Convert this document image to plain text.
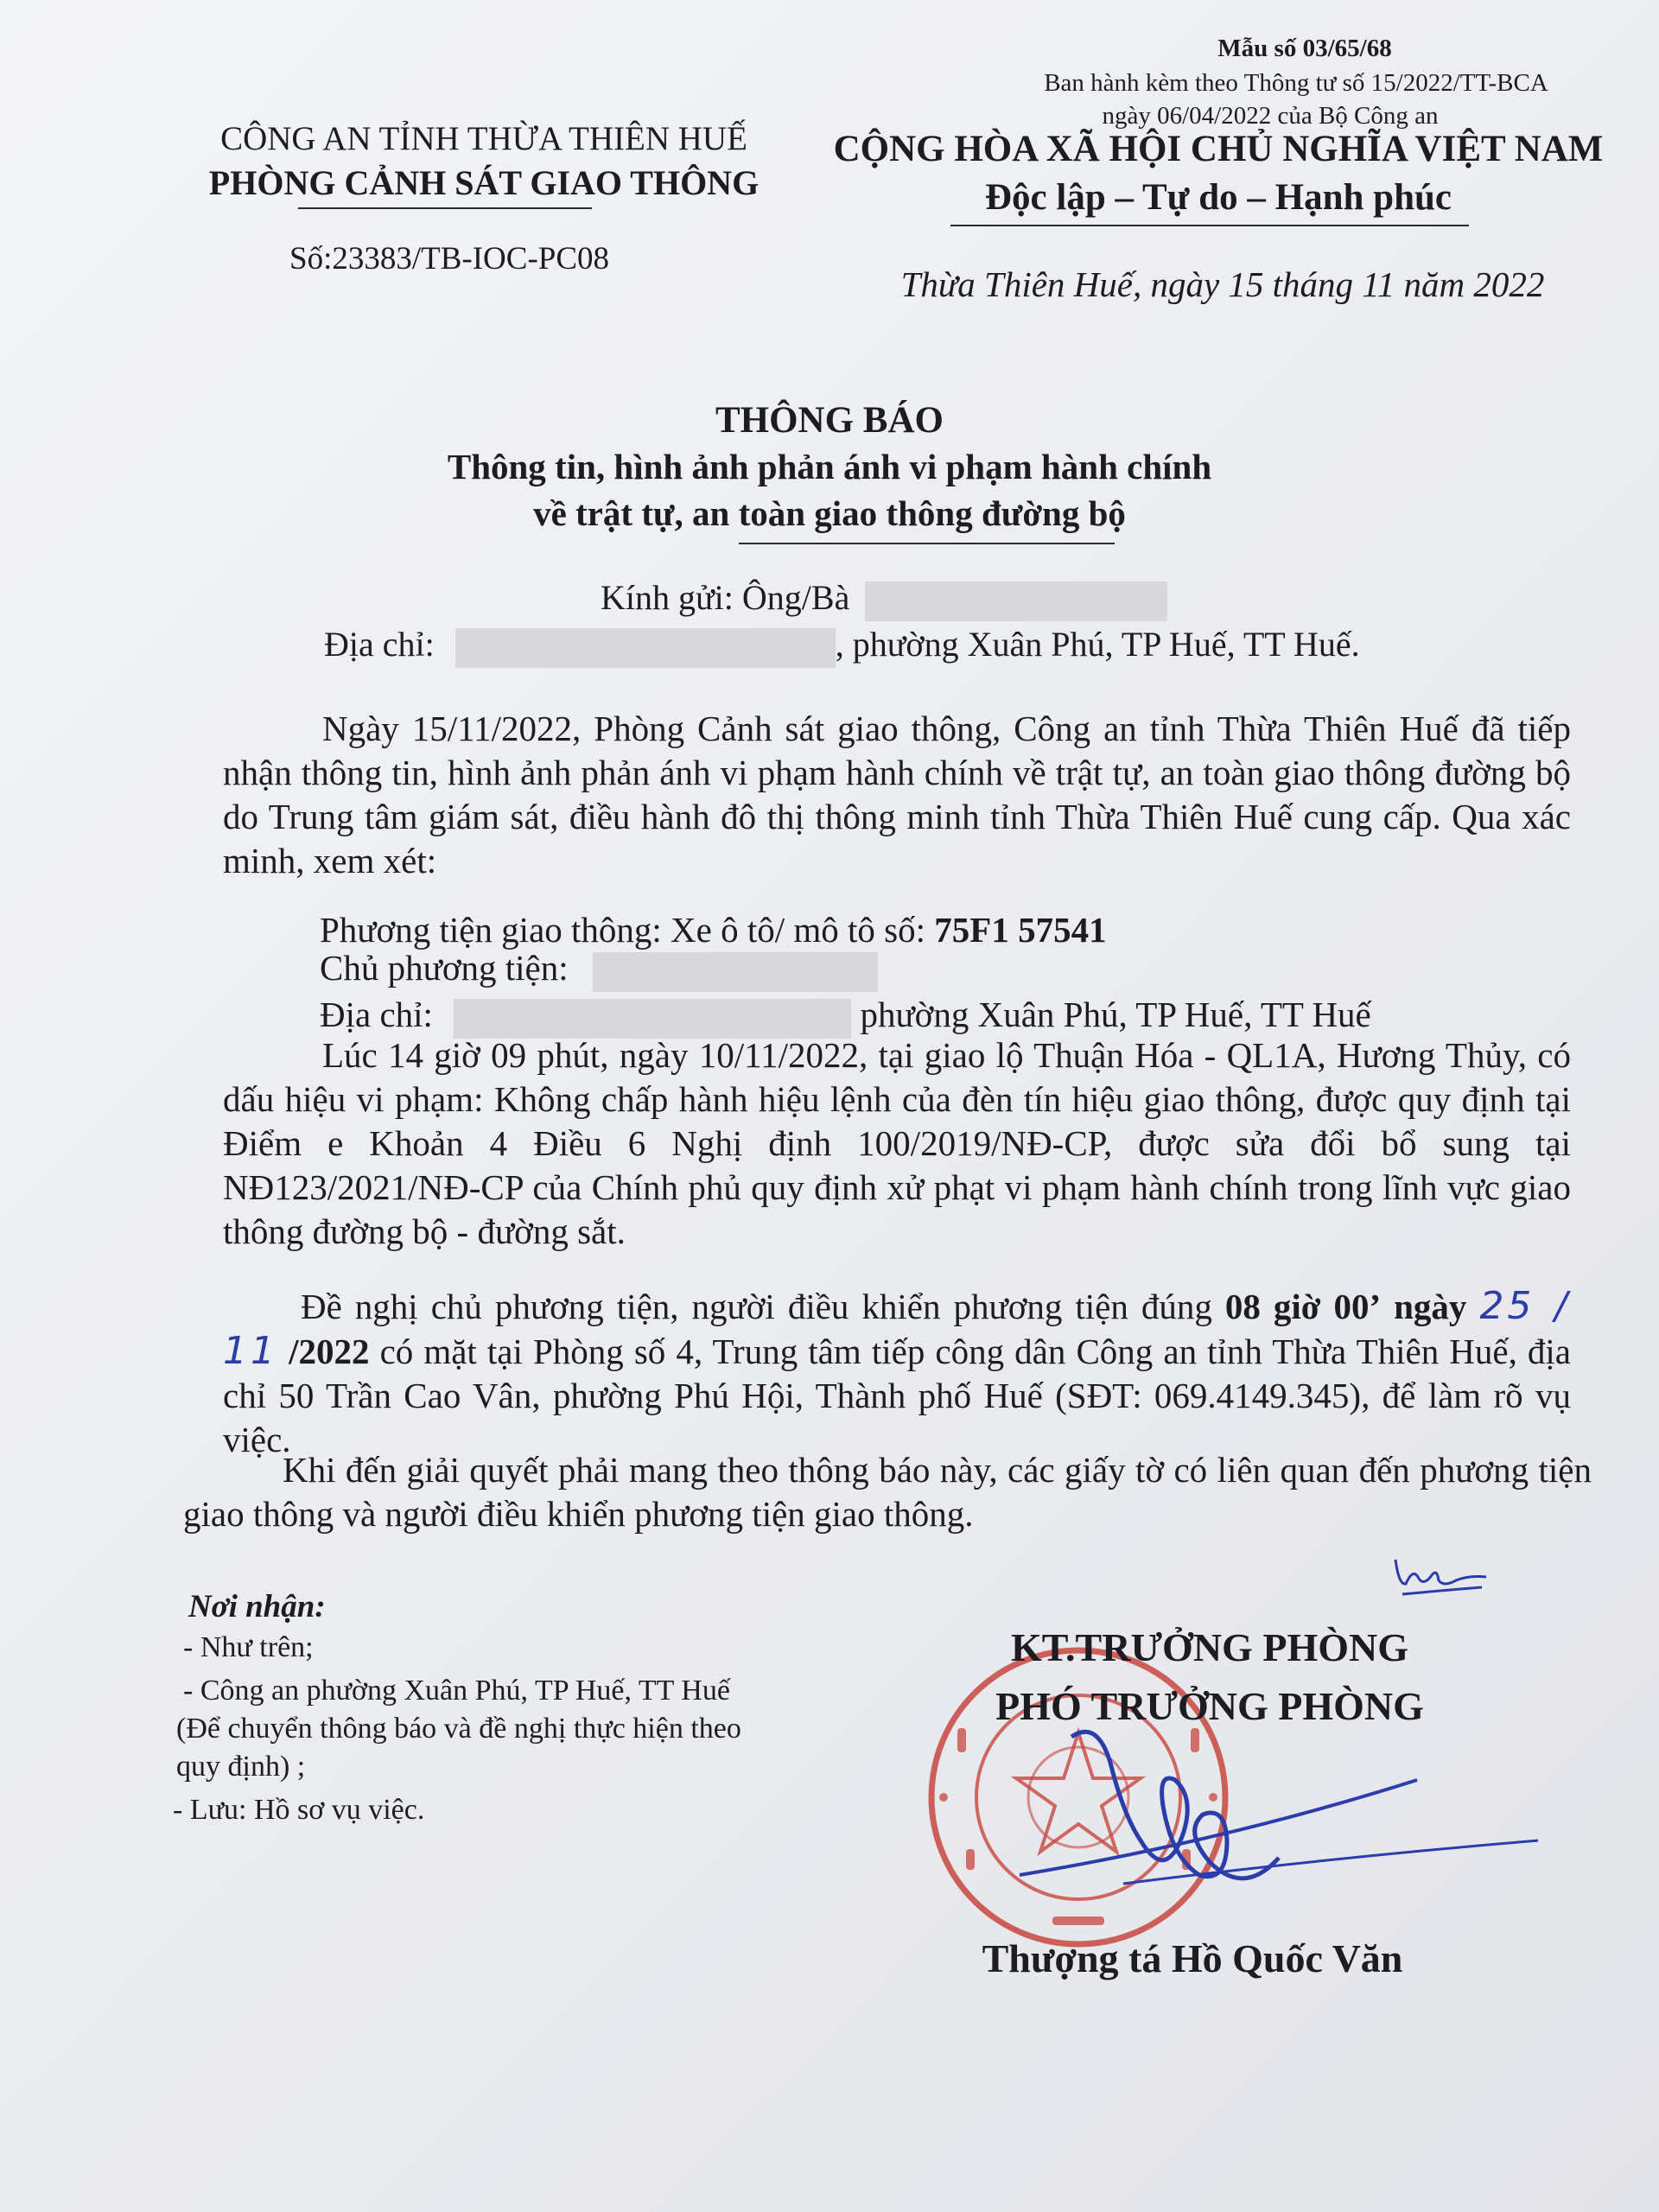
Mẫu số 03/65/68
Ban hành kèm theo Thông tư số 15/2022/TT-BCA
ngày 06/04/2022 của Bộ Công an
CÔNG AN TỈNH THỪA THIÊN HUẾ
PHÒNG CẢNH SÁT GIAO THÔNG
Số:23383/TB-IOC-PC08
CỘNG HÒA XÃ HỘI CHỦ NGHĨA VIỆT NAM
Độc lập – Tự do – Hạnh phúc
Thừa Thiên Huế, ngày 15 tháng 11 năm 2022
THÔNG BÁO
Thông tin, hình ảnh phản ánh vi phạm hành chính
về trật tự, an toàn giao thông đường bộ
Kính gửi: Ông/Bà
Địa chỉ:	, phường Xuân Phú, TP Huế, TT Huế.
Ngày 15/11/2022, Phòng Cảnh sát giao thông, Công an tỉnh Thừa Thiên Huế đã tiếp nhận thông tin, hình ảnh phản ánh vi phạm hành chính về trật tự, an toàn giao thông đường bộ do Trung tâm giám sát, điều hành đô thị thông minh tỉnh Thừa Thiên Huế cung cấp. Qua xác minh, xem xét:
Phương tiện giao thông: Xe ô tô/ mô tô số: 75F1 57541
Chủ phương tiện:
Địa chỉ:	phường Xuân Phú, TP Huế, TT Huế
Lúc 14 giờ 09 phút, ngày 10/11/2022, tại giao lộ Thuận Hóa - QL1A, Hương Thủy, có dấu hiệu vi phạm: Không chấp hành hiệu lệnh của đèn tín hiệu giao thông, được quy định tại Điểm e Khoản 4 Điều 6 Nghị định 100/2019/NĐ-CP, được sửa đổi bổ sung tại NĐ123/2021/NĐ-CP của Chính phủ quy định xử phạt vi phạm hành chính trong lĩnh vực giao thông đường bộ - đường sắt.
Đề nghị chủ phương tiện, người điều khiển phương tiện đúng 08 giờ 00’ ngày 25 / 11 /2022 có mặt tại Phòng số 4, Trung tâm tiếp công dân Công an tỉnh Thừa Thiên Huế, địa chỉ 50 Trần Cao Vân, phường Phú Hội, Thành phố Huế (SĐT: 069.4149.345), để làm rõ vụ việc.
Khi đến giải quyết phải mang theo thông báo này, các giấy tờ có liên quan đến phương tiện giao thông và người điều khiển phương tiện giao thông.
Nơi nhận:
- Như trên;
- Công an phường Xuân Phú, TP Huế, TT Huế
(Để chuyển thông báo và đề nghị thực hiện theo
quy định) ;
- Lưu: Hồ sơ vụ việc.
KT.TRƯỞNG PHÒNG
PHÓ TRƯỞNG PHÒNG
Thượng tá Hồ Quốc Văn
